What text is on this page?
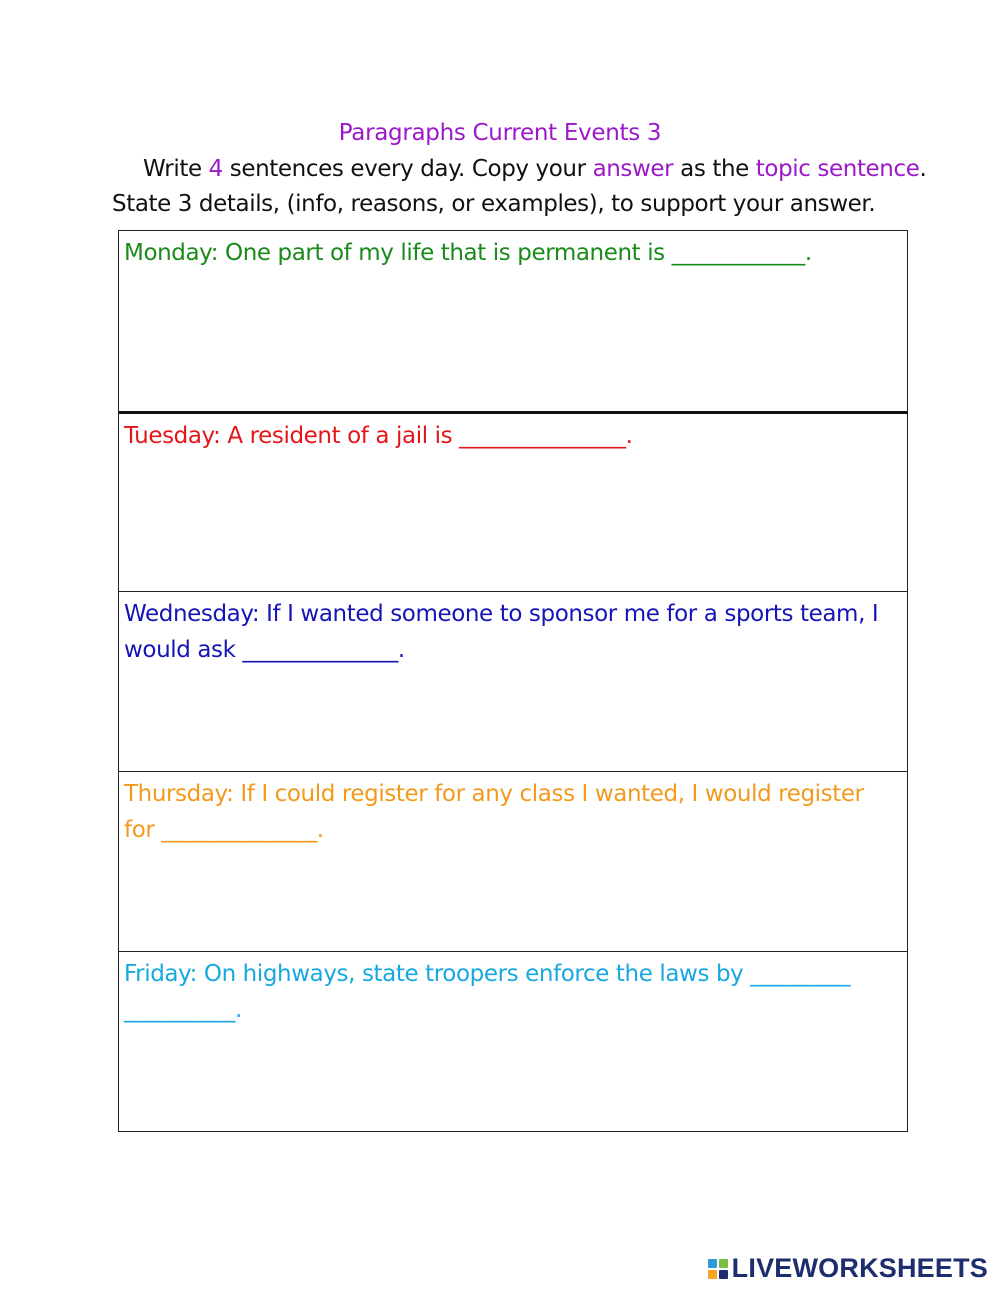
Paragraphs Current Events 3
Write 4 sentences every day. Copy your answer as the topic sentence.
State 3 details, (info, reasons, or examples), to support your answer.

Monday: One part of my life that is permanent is ____________.

Tuesday: A resident of a jail is _______________.

Wednesday: If I wanted someone to sponsor me for a sports team, I would ask ______________.

Thursday: If I could register for any class I wanted, I would register for ______________.

Friday: On highways, state troopers enforce the laws by _________ __________.

LIVEWORKSHEETS
